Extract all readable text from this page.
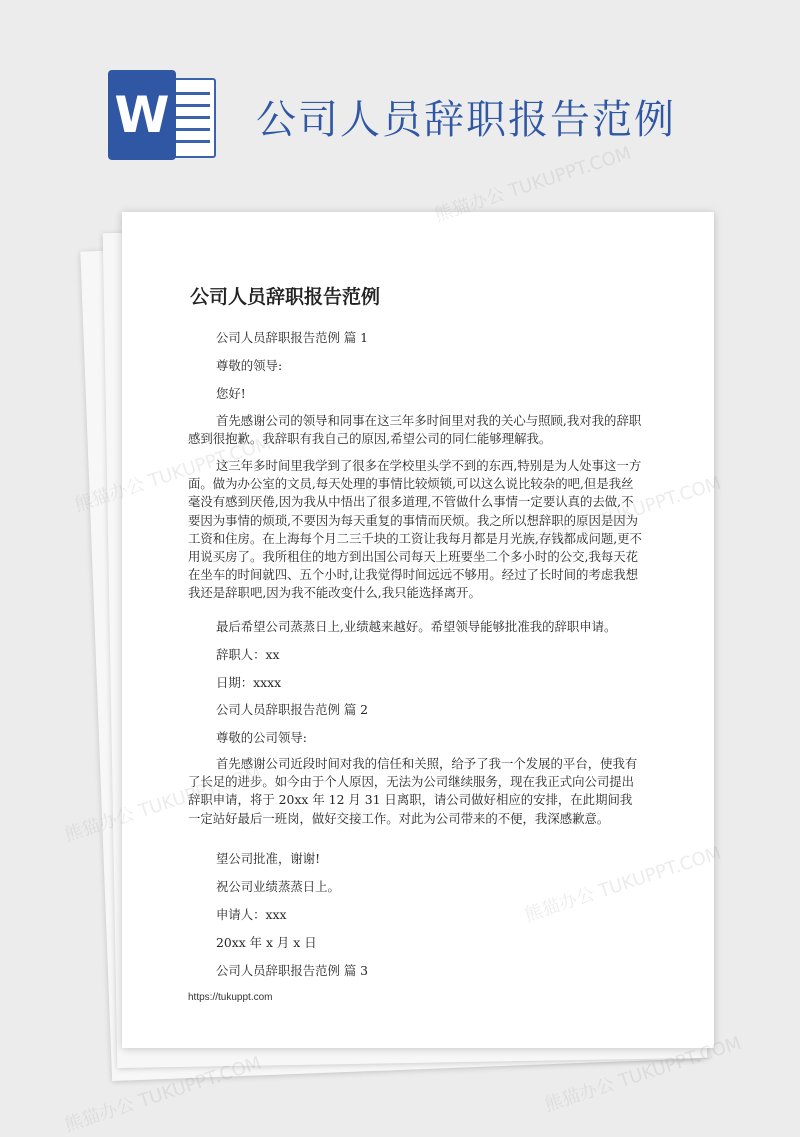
W 公司人员辞职报告范例
公司人员辞职报告范例
公司人员辞职报告范例 篇 1
尊敬的领导:
您好!
首先感谢公司的领导和同事在这三年多时间里对我的关心与照顾,我对我的辞职感到很抱歉。我辞职有我自己的原因,希望公司的同仁能够理解我。
这三年多时间里我学到了很多在学校里头学不到的东西,特别是为人处事这一方面。做为办公室的文员,每天处理的事情比较烦锁,可以这么说比较杂的吧,但是我丝毫没有感到厌倦,因为我从中悟出了很多道理,不管做什么事情一定要认真的去做,不要因为事情的烦琐,不要因为每天重复的事情而厌烦。我之所以想辞职的原因是因为工资和住房。在上海每个月二三千块的工资让我每月都是月光族,存钱都成问题,更不用说买房了。我所租住的地方到出国公司每天上班要坐二个多小时的公交,我每天花在坐车的时间就四、五个小时,让我觉得时间远远不够用。经过了长时间的考虑我想我还是辞职吧,因为我不能改变什么,我只能选择离开。
最后希望公司蒸蒸日上,业绩越来越好。希望领导能够批准我的辞职申请。
辞职人：xx
日期：xxxx
公司人员辞职报告范例 篇 2
尊敬的公司领导:
首先感谢公司近段时间对我的信任和关照，给予了我一个发展的平台，使我有了长足的进步。如今由于个人原因，无法为公司继续服务，现在我正式向公司提出辞职申请，将于 20xx 年 12 月 31 日离职，请公司做好相应的安排，在此期间我一定站好最后一班岗，做好交接工作。对此为公司带来的不便，我深感歉意。
望公司批准，谢谢!
祝公司业绩蒸蒸日上。
申请人：xxx
20xx 年 x 月 x 日
公司人员辞职报告范例 篇 3
https://tukuppt.com
熊猫办公 TUKUPPT.COM
熊猫办公
熊猫办公 TUKUPPT.COM	熊猫办公 TUKUPPT.COM
